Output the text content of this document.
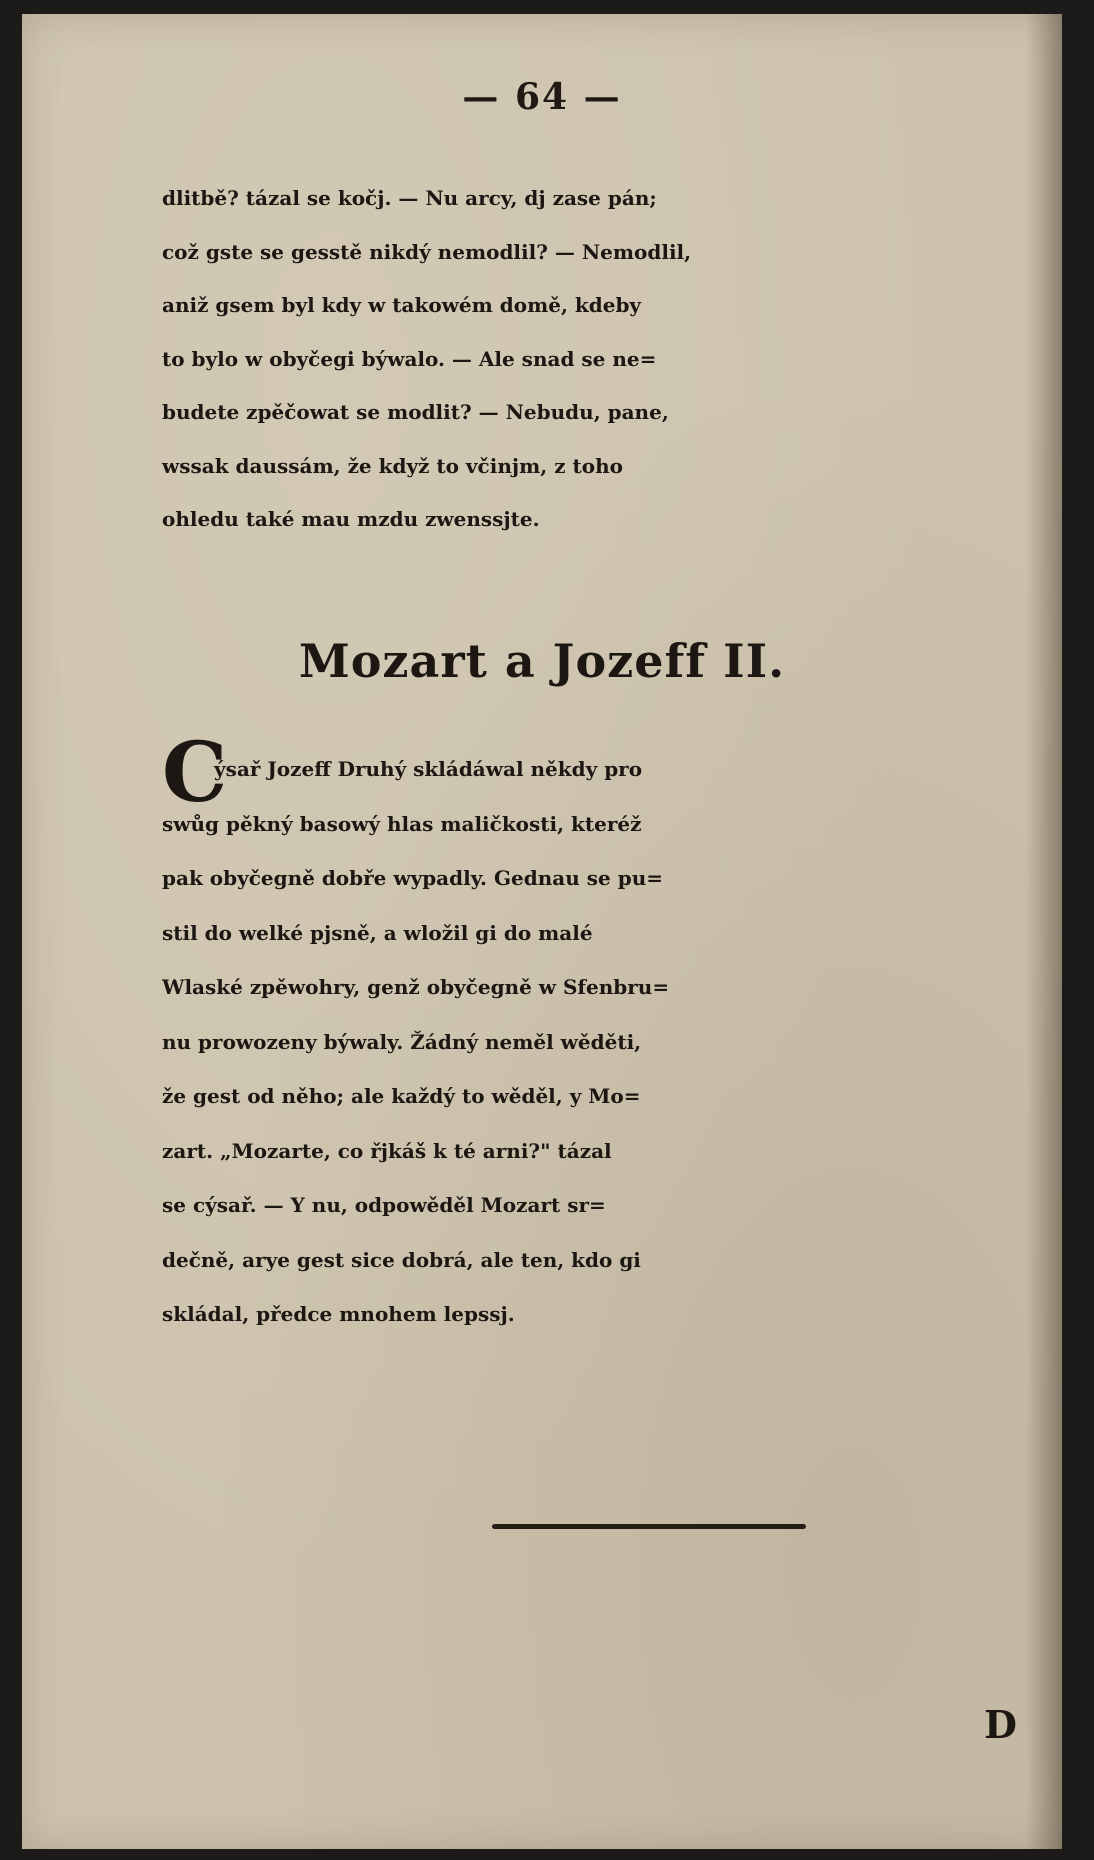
— 64 —
dlitbě? tázal se kočj. — Nu arcy, dj zase pán;
což gste se gesstě nikdý nemodlil? — Nemodlil,
aniž gsem byl kdy w takowém domě, kdeby
to bylo w obyčegi býwalo. — Ale snad se ne=
budete zpěčowat se modlit? — Nebudu, pane,
wssak daussám, že když to včinjm, z toho
ohledu také mau mzdu zwenssjte.
Mozart a Jozeff II.
C
ýsař Jozeff Druhý skládáwal někdy pro
swůg pěkný basowý hlas maličkosti, kteréž
pak obyčegně dobře wypadly. Gednau se pu=
stil do welké pjsně, a wložil gi do malé
Wlaské zpěwohry, genž obyčegně w Sfenbru=
nu prowozeny býwaly. Žádný neměl wěděti,
že gest od něho; ale každý to wěděl, y Mo=
zart. „Mozarte, co řjkáš k té arni?" tázal
se cýsař. — Y nu, odpowěděl Mozart sr=
dečně, arye gest sice dobrá, ale ten, kdo gi
skládal, předce mnohem lepssj.
D
